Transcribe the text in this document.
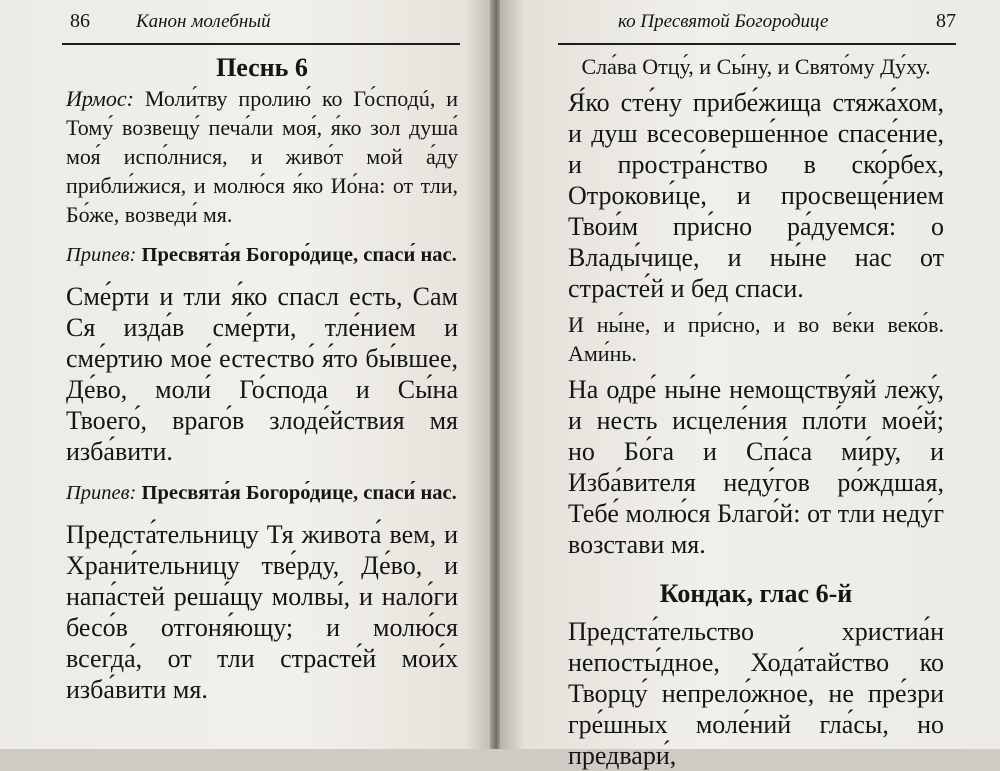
86 Канон молебный
Песнь 6

Ирмос: Моли́тву пролию́ ко Го́сподú, и Тому́ возвещу́ печа́ли моя́, я́ко зол душа́ моя́ испо́лнися, и живо́т мой а́ду прибли́жися, и молю́ся я́ко Ио́на: от тли, Бо́же, возведи́ мя.

Припев: Пресвята́я Богоро́дице, спаси́ нас.

Сме́рти и тли я́ко спасл есть, Сам Ся изда́в сме́рти, тле́нием и сме́ртию мое́ естество́ я́то бы́вшее, Де́во, моли́ Го́спода и Сы́на Твоего́, враго́в злоде́йствия мя изба́вити.

Припев: Пресвята́я Богоро́дице, спаси́ нас.

Предста́тельницу Тя живота́ вем, и Храни́тельницу тве́рду, Де́во, и напа́стей реша́щу молвы́, и нало́ги бесо́в отгоня́ющу; и молю́ся всегда́, от тли страсте́й мои́х изба́вити мя.

ко Пресвятой Богородице	87

Сла́ва Отцу́, и Сы́ну, и Свято́му Ду́ху.

Я́ко сте́ну прибе́жища стяжа́хом, и душ всесоверше́нное спасе́ние, и простра́нство в ско́рбех, Отрокови́це, и просвеще́нием Твои́м при́сно ра́дуемся: о Влады́чице, и ны́не нас от страсте́й и бед спаси.

И ны́не, и при́сно, и во ве́ки веко́в. Ами́нь.

На одре́ ны́не немощству́яй лежу́, и несть исцеле́ния пло́ти мое́й; но Бо́га и Спа́са ми́ру, и Изба́вителя неду́гов ро́ждшая, Тебе́ молю́ся Благо́й: от тли неду́г возстави мя.

Кондак, глас 6-й

Предста́тельство христиа́н непосты́дное, Хода́тайство ко Творцу́ непрело́жное, не пре́зри гре́шных моле́ний гла́сы, но предвари́,
